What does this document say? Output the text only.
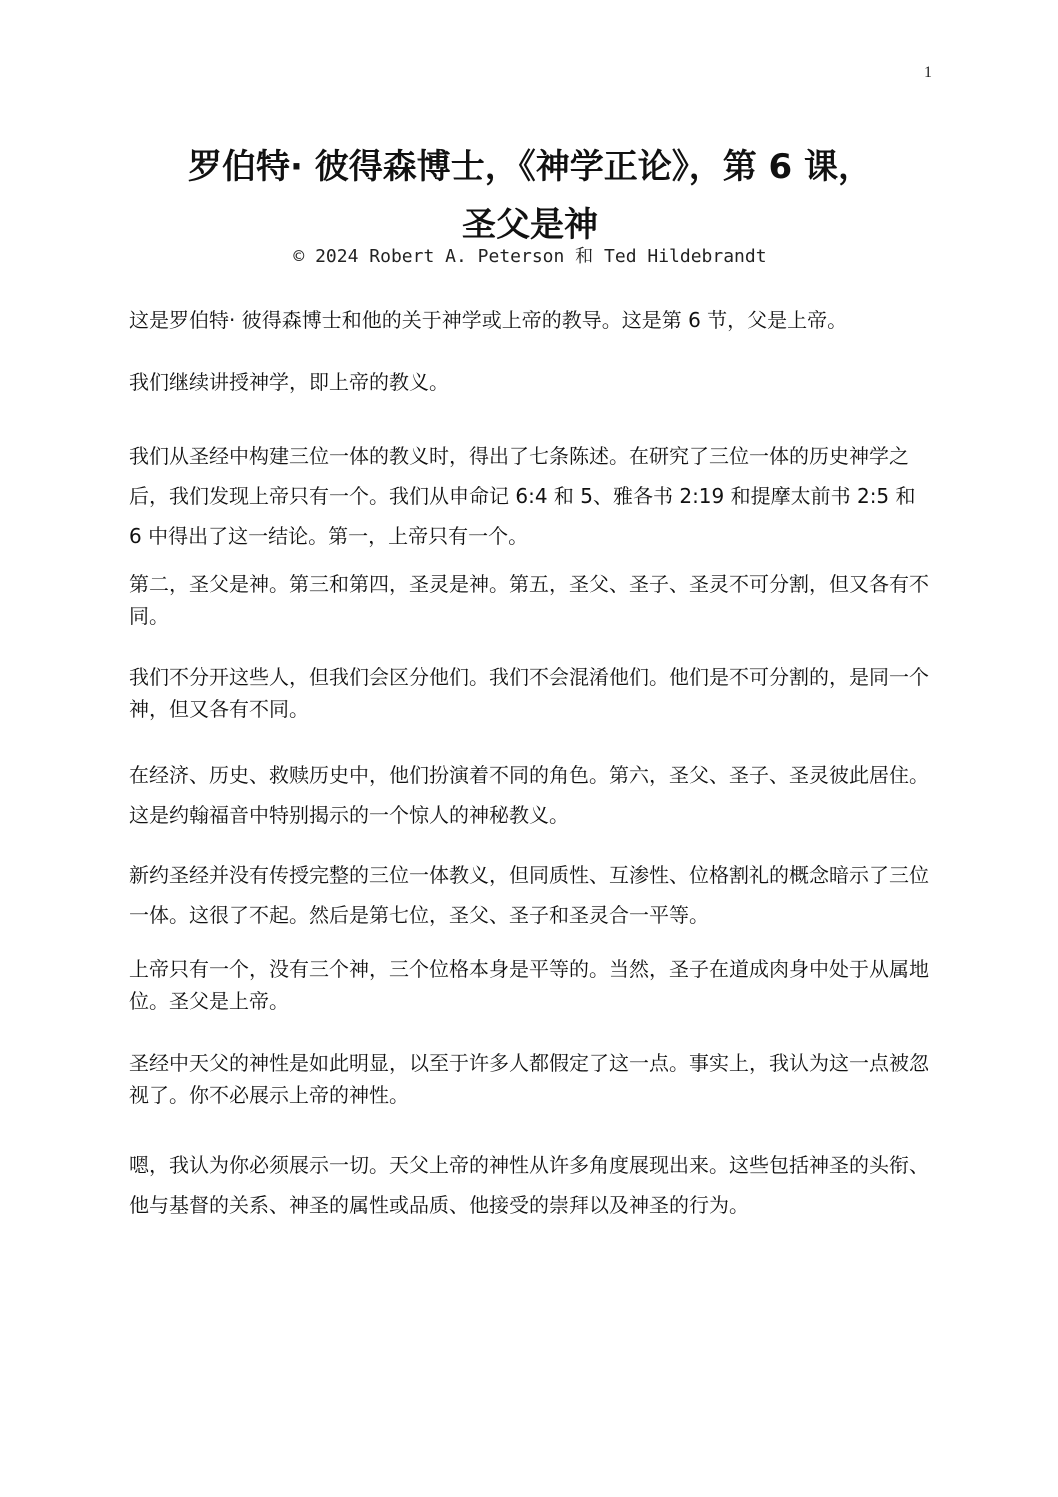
1
罗伯特· 彼得森博士，《神学正论》，第 6 课，
圣父是神
© 2024 Robert A. Peterson 和 Ted Hildebrandt

这是罗伯特· 彼得森博士和他的关于神学或上帝的教导。这是第 6 节，父是上帝。

我们继续讲授神学，即上帝的教义。

我们从圣经中构建三位一体的教义时，得出了七条陈述。在研究了三位一体的历史神学之后，我们发现上帝只有一个。我们从申命记 6:4 和 5、雅各书 2:19 和提摩太前书 2:5 和 6 中得出了这一结论。第一，上帝只有一个。

第二，圣父是神。第三和第四，圣灵是神。第五，圣父、圣子、圣灵不可分割，但又各有不同。

我们不分开这些人，但我们会区分他们。我们不会混淆他们。他们是不可分割的，是同一个神，但又各有不同。

在经济、历史、救赎历史中，他们扮演着不同的角色。第六，圣父、圣子、圣灵彼此居住。这是约翰福音中特别揭示的一个惊人的神秘教义。

新约圣经并没有传授完整的三位一体教义，但同质性、互渗性、位格割礼的概念暗示了三位一体。这很了不起。然后是第七位，圣父、圣子和圣灵合一平等。

上帝只有一个，没有三个神，三个位格本身是平等的。当然，圣子在道成肉身中处于从属地位。圣父是上帝。

圣经中天父的神性是如此明显，以至于许多人都假定了这一点。事实上，我认为这一点被忽视了。你不必展示上帝的神性。

嗯，我认为你必须展示一切。天父上帝的神性从许多角度展现出来。这些包括神圣的头衔、他与基督的关系、神圣的属性或品质、他接受的崇拜以及神圣的行为。
